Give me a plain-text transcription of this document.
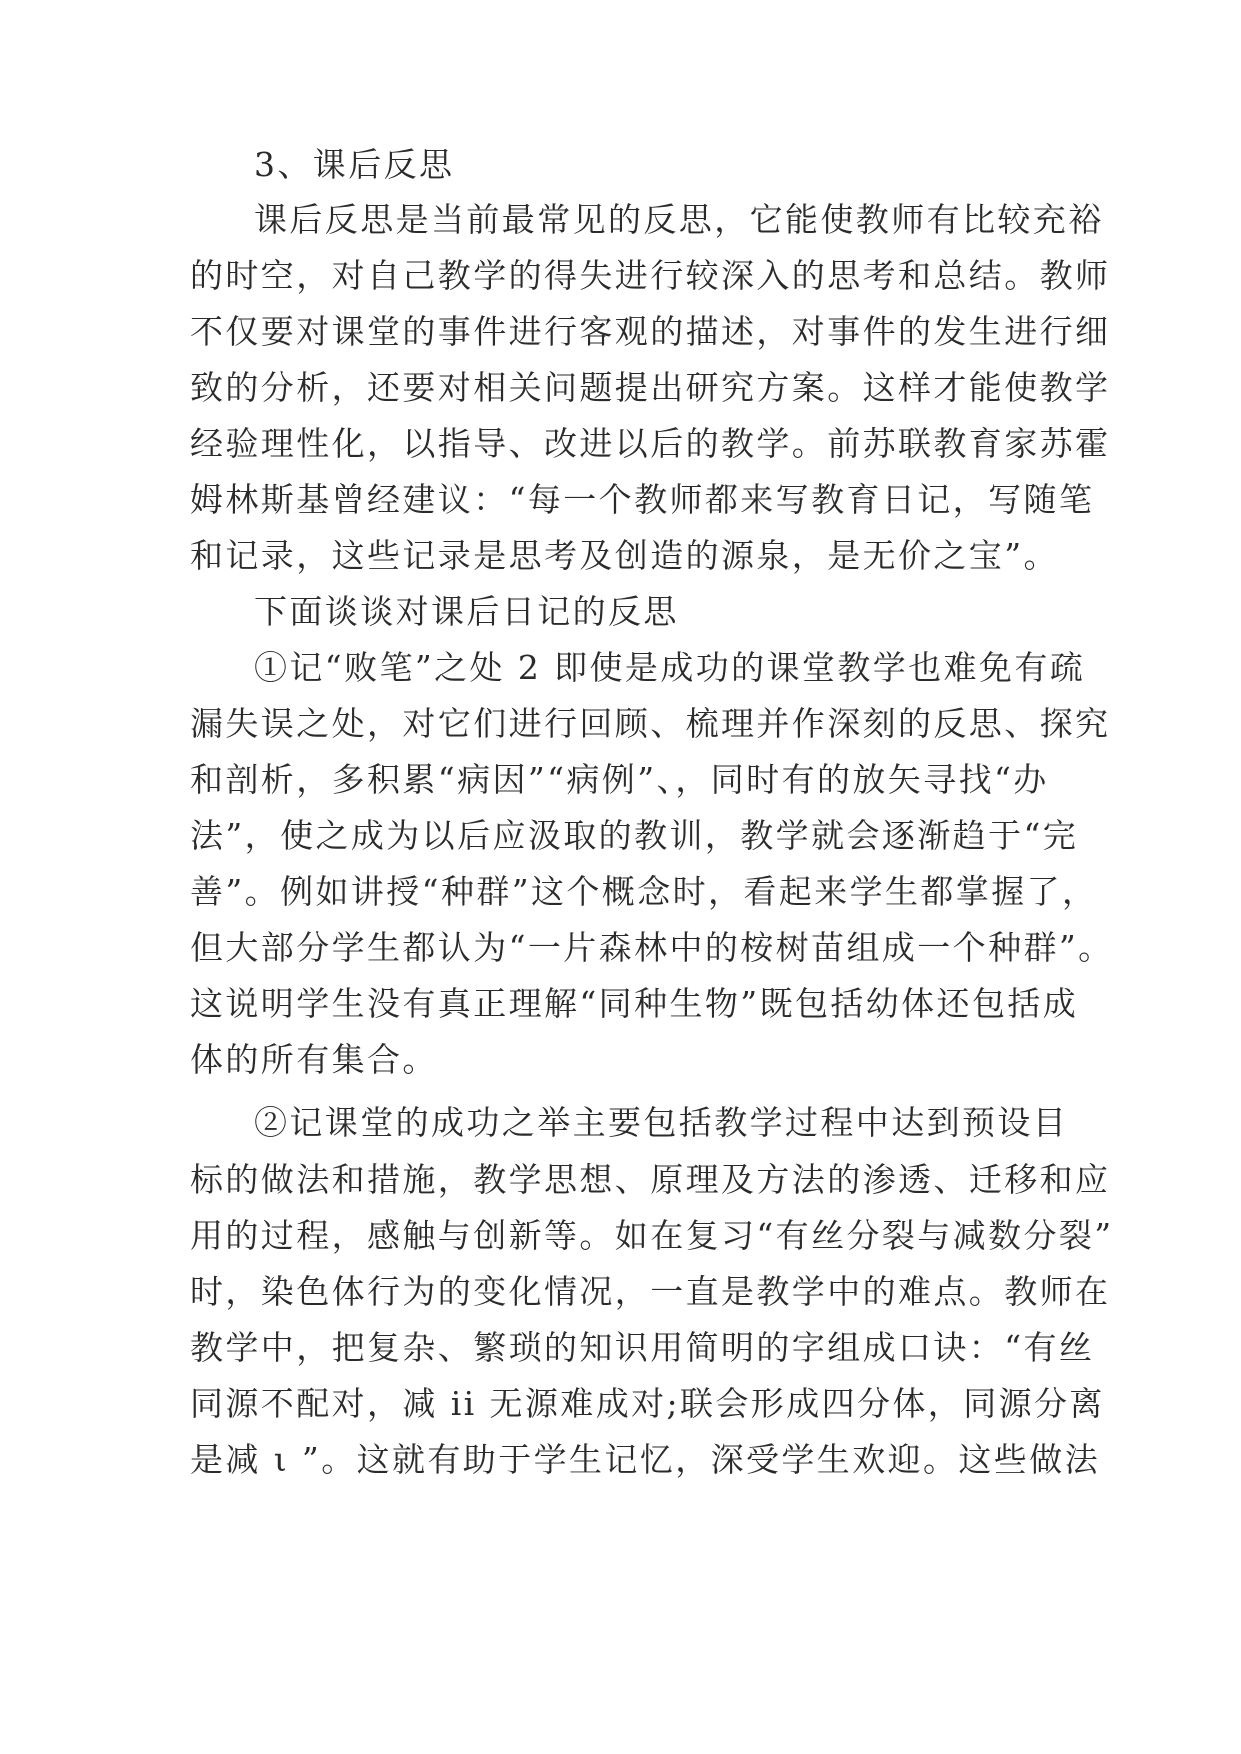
3、课后反思
课后反思是当前最常见的反思，它能使教师有比较充裕
的时空，对自己教学的得失进行较深入的思考和总结。教师
不仅要对课堂的事件进行客观的描述，对事件的发生进行细
致的分析，还要对相关问题提出研究方案。这样才能使教学
经验理性化，以指导、改进以后的教学。前苏联教育家苏霍
姆林斯基曾经建议：“每一个教师都来写教育日记，写随笔
和记录，这些记录是思考及创造的源泉，是无价之宝”。
下面谈谈对课后日记的反思
①记“败笔”之处 2 即使是成功的课堂教学也难免有疏
漏失误之处，对它们进行回顾、梳理并作深刻的反思、探究
和剖析，多积累“病因”“病例”、，同时有的放矢寻找“办
法”，使之成为以后应汲取的教训，教学就会逐渐趋于“完
善”。例如讲授“种群”这个概念时，看起来学生都掌握了，
但大部分学生都认为“一片森林中的桉树苗组成一个种群”。
这说明学生没有真正理解“同种生物”既包括幼体还包括成
体的所有集合。
②记课堂的成功之举主要包括教学过程中达到预设目
标的做法和措施，教学思想、原理及方法的渗透、迁移和应
用的过程，感触与创新等。如在复习“有丝分裂与减数分裂”
时，染色体行为的变化情况，一直是教学中的难点。教师在
教学中，把复杂、繁琐的知识用简明的字组成口诀：“有丝
同源不配对，减 ii 无源难成对;联会形成四分体，同源分离
是减 ι ”。这就有助于学生记忆，深受学生欢迎。这些做法
